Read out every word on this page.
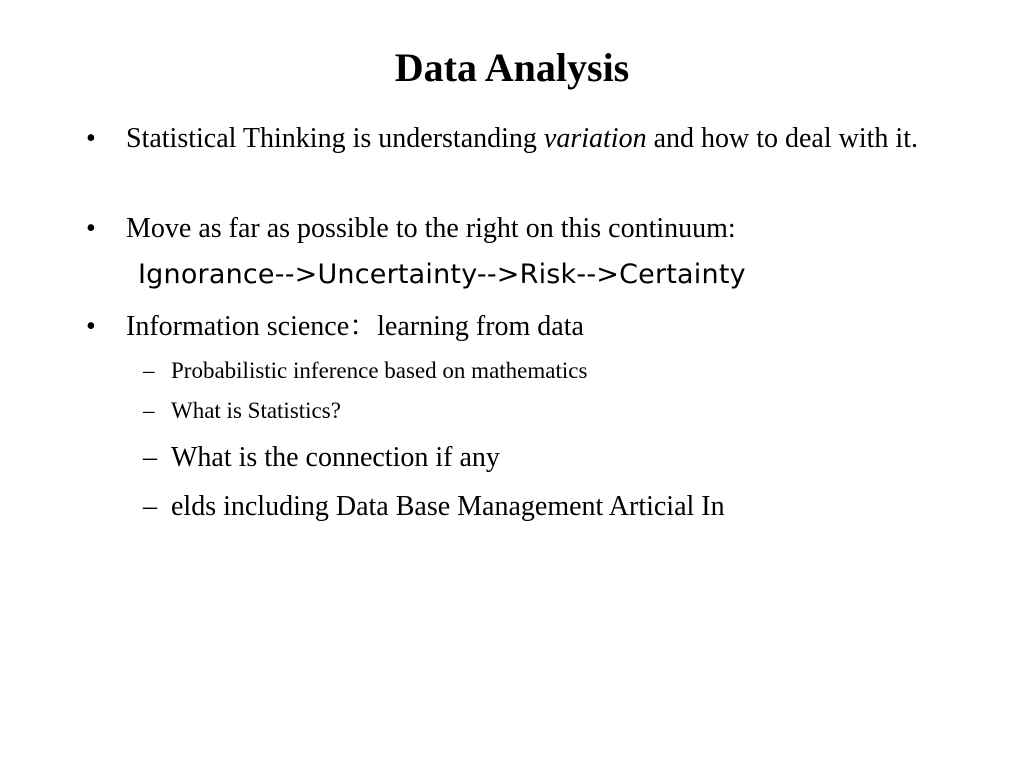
Data Analysis
• Statistical Thinking is understanding variation and how to deal with it.
• Move as far as possible to the right on this continuum:
Ignorance-->Uncertainty-->Risk-->Certainty
• Information science：learning from data
– Probabilistic inference based on mathematics
– What is Statistics?
– What is the connection if any
– elds including Data Base Management Articial In
